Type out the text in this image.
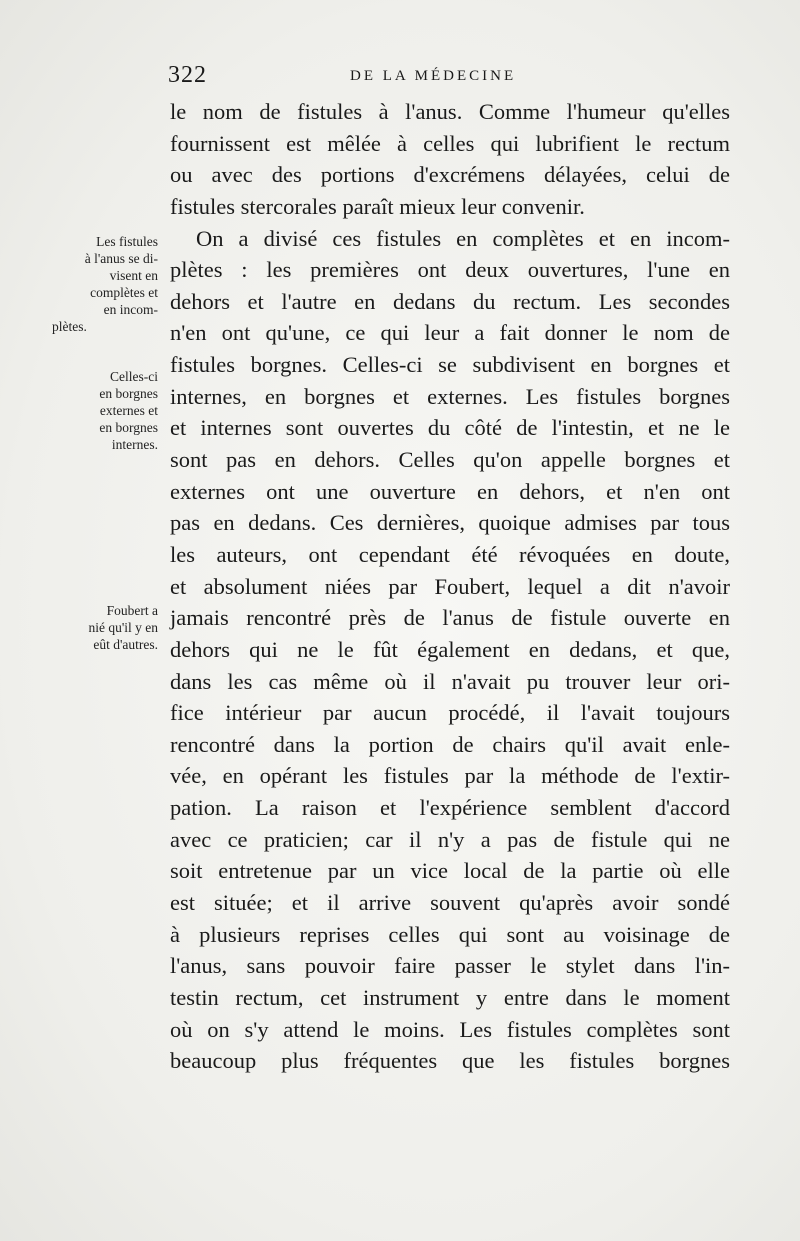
322	DE LA MÉDECINE
Les fistules
à l'anus se di-
visent en
complètes et
en incom-
plètes.
Celles-ci
en borgnes
externes et
en borgnes
internes.
Foubert a
nié qu'il y en
eût d'autres.
le nom de fistules à l'anus. Comme l'humeur qu'elles
fournissent est mêlée à celles qui lubrifient le rectum
ou avec des portions d'excrémens délayées, celui de
fistules stercorales paraît mieux leur convenir.
On a divisé ces fistules en complètes et en incom-
plètes : les premières ont deux ouvertures, l'une en
dehors et l'autre en dedans du rectum. Les secondes
n'en ont qu'une, ce qui leur a fait donner le nom de
fistules borgnes. Celles-ci se subdivisent en borgnes et
internes, en borgnes et externes. Les fistules borgnes
et internes sont ouvertes du côté de l'intestin, et ne le
sont pas en dehors. Celles qu'on appelle borgnes et
externes ont une ouverture en dehors, et n'en ont
pas en dedans. Ces dernières, quoique admises par tous
les auteurs, ont cependant été révoquées en doute,
et absolument niées par Foubert, lequel a dit n'avoir
jamais rencontré près de l'anus de fistule ouverte en
dehors qui ne le fût également en dedans, et que,
dans les cas même où il n'avait pu trouver leur ori-
fice intérieur par aucun procédé, il l'avait toujours
rencontré dans la portion de chairs qu'il avait enle-
vée, en opérant les fistules par la méthode de l'extir-
pation. La raison et l'expérience semblent d'accord
avec ce praticien; car il n'y a pas de fistule qui ne
soit entretenue par un vice local de la partie où elle
est située; et il arrive souvent qu'après avoir sondé
à plusieurs reprises celles qui sont au voisinage de
l'anus, sans pouvoir faire passer le stylet dans l'in-
testin rectum, cet instrument y entre dans le moment
où on s'y attend le moins. Les fistules complètes sont
beaucoup plus fréquentes que les fistules borgnes
